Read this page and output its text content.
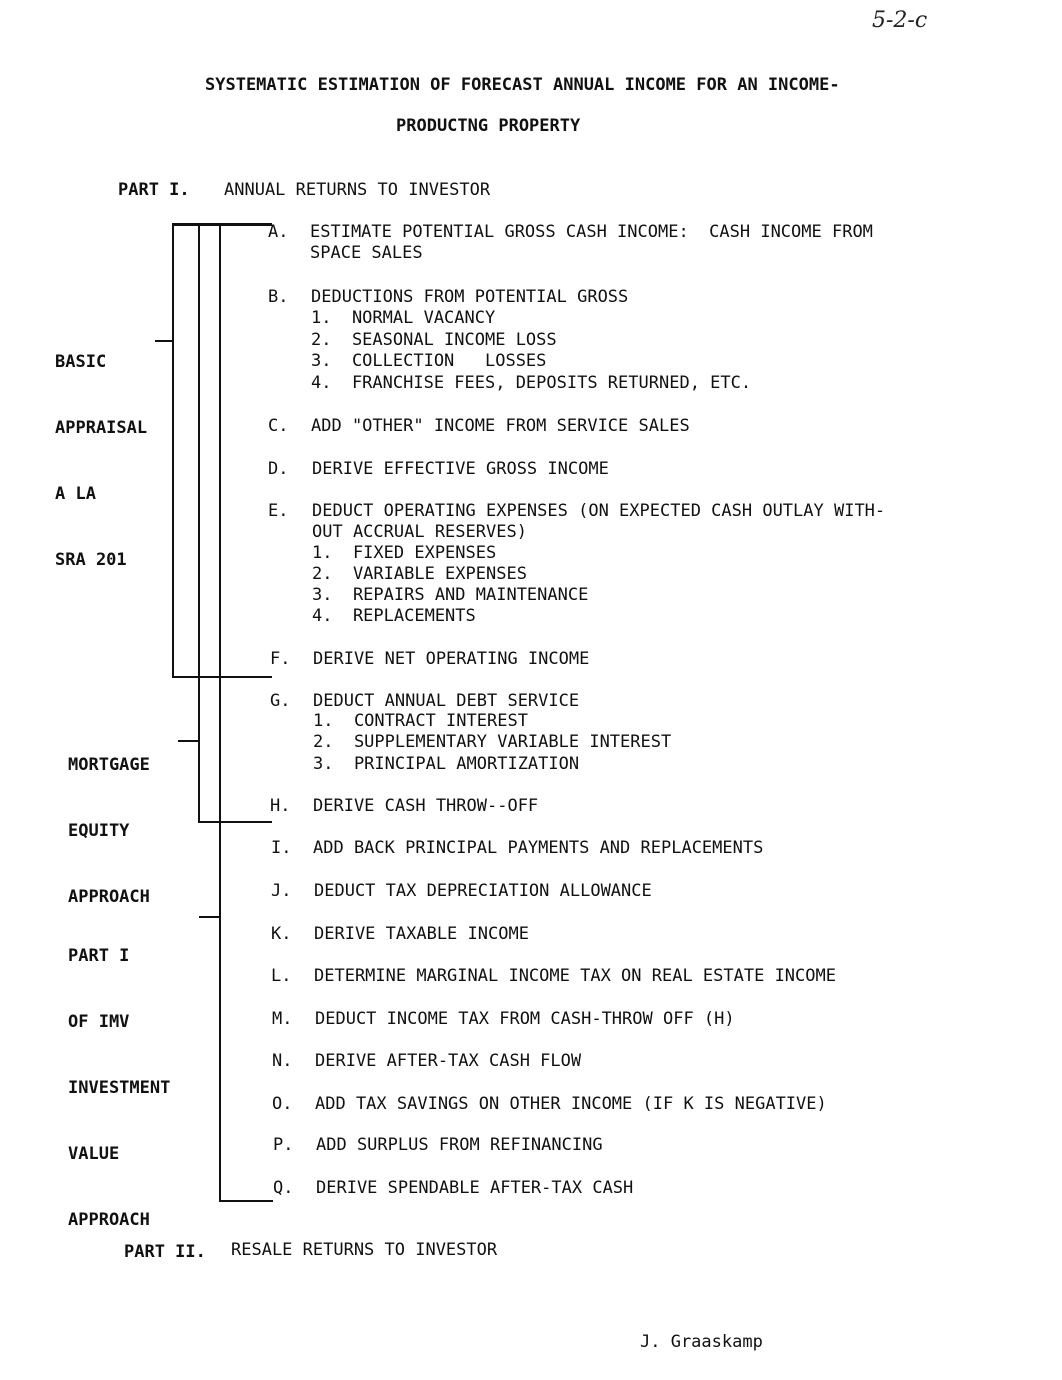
5-2-c
SYSTEMATIC ESTIMATION OF FORECAST ANNUAL INCOME FOR AN INCOME-
PRODUCTNG PROPERTY
PART I. ANNUAL RETURNS TO INVESTOR

BASIC

APPRAISAL

A LA

SRA 201

MORTGAGE

EQUITY

APPROACH

PART I

OF IMV

INVESTMENT

VALUE

APPROACH

A. ESTIMATE POTENTIAL GROSS CASH INCOME:  CASH INCOME FROM
SPACE SALES
B. DEDUCTIONS FROM POTENTIAL GROSS
1.  NORMAL VACANCY
2.  SEASONAL INCOME LOSS
3.  COLLECTION   LOSSES
4.  FRANCHISE FEES, DEPOSITS RETURNED, ETC.
C. ADD "OTHER" INCOME FROM SERVICE SALES
D. DERIVE EFFECTIVE GROSS INCOME
E. DEDUCT OPERATING EXPENSES (ON EXPECTED CASH OUTLAY WITH-
OUT ACCRUAL RESERVES)
1.  FIXED EXPENSES
2.  VARIABLE EXPENSES
3.  REPAIRS AND MAINTENANCE
4.  REPLACEMENTS
F. DERIVE NET OPERATING INCOME
G. DEDUCT ANNUAL DEBT SERVICE
1.  CONTRACT INTEREST
2.  SUPPLEMENTARY VARIABLE INTEREST
3.  PRINCIPAL AMORTIZATION
H. DERIVE CASH THROW--OFF
I. ADD BACK PRINCIPAL PAYMENTS AND REPLACEMENTS
J. DEDUCT TAX DEPRECIATION ALLOWANCE
K. DERIVE TAXABLE INCOME
L. DETERMINE MARGINAL INCOME TAX ON REAL ESTATE INCOME
M. DEDUCT INCOME TAX FROM CASH-THROW OFF (H)
N. DERIVE AFTER-TAX CASH FLOW
O. ADD TAX SAVINGS ON OTHER INCOME (IF K IS NEGATIVE)
P. ADD SURPLUS FROM REFINANCING
Q. DERIVE SPENDABLE AFTER-TAX CASH
PART II. RESALE RETURNS TO INVESTOR
J. Graaskamp
